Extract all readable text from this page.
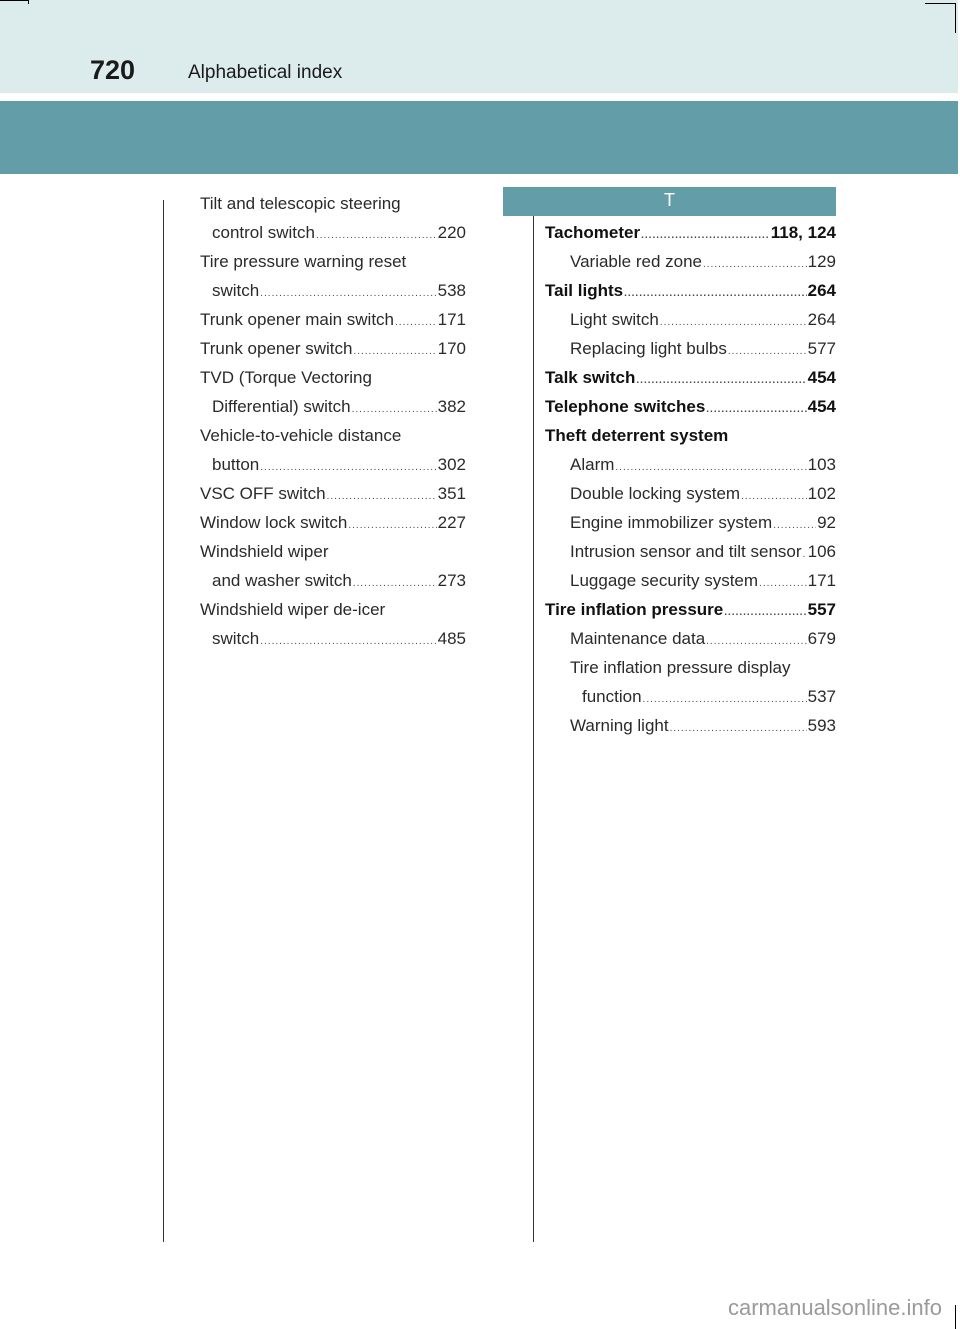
720	Alphabetical index
T
Tilt and telescopic steering
control switch .....	220
Tire pressure warning reset
switch .....	538
Trunk opener main switch .....	171
Trunk opener switch .....	170
TVD (Torque Vectoring
Differential) switch .....	382
Vehicle-to-vehicle distance
button .....	302
VSC OFF switch .....	351
Window lock switch .....	227
Windshield wiper
and washer switch .....	273
Windshield wiper de-icer
switch .....	485
Tachometer .....	118, 124
Variable red zone .....	129
Tail lights .....	264
Light switch .....	264
Replacing light bulbs .....	577
Talk switch .....	454
Telephone switches .....	454
Theft deterrent system
Alarm .....	103
Double locking system .....	102
Engine immobilizer system .....	92
Intrusion sensor and tilt sensor ..... 106
Luggage security system .....	171
Tire inflation pressure .....	557
Maintenance data .....	679
Tire inflation pressure display
function .....	537
Warning light .....	593
carmanualsonline.info
